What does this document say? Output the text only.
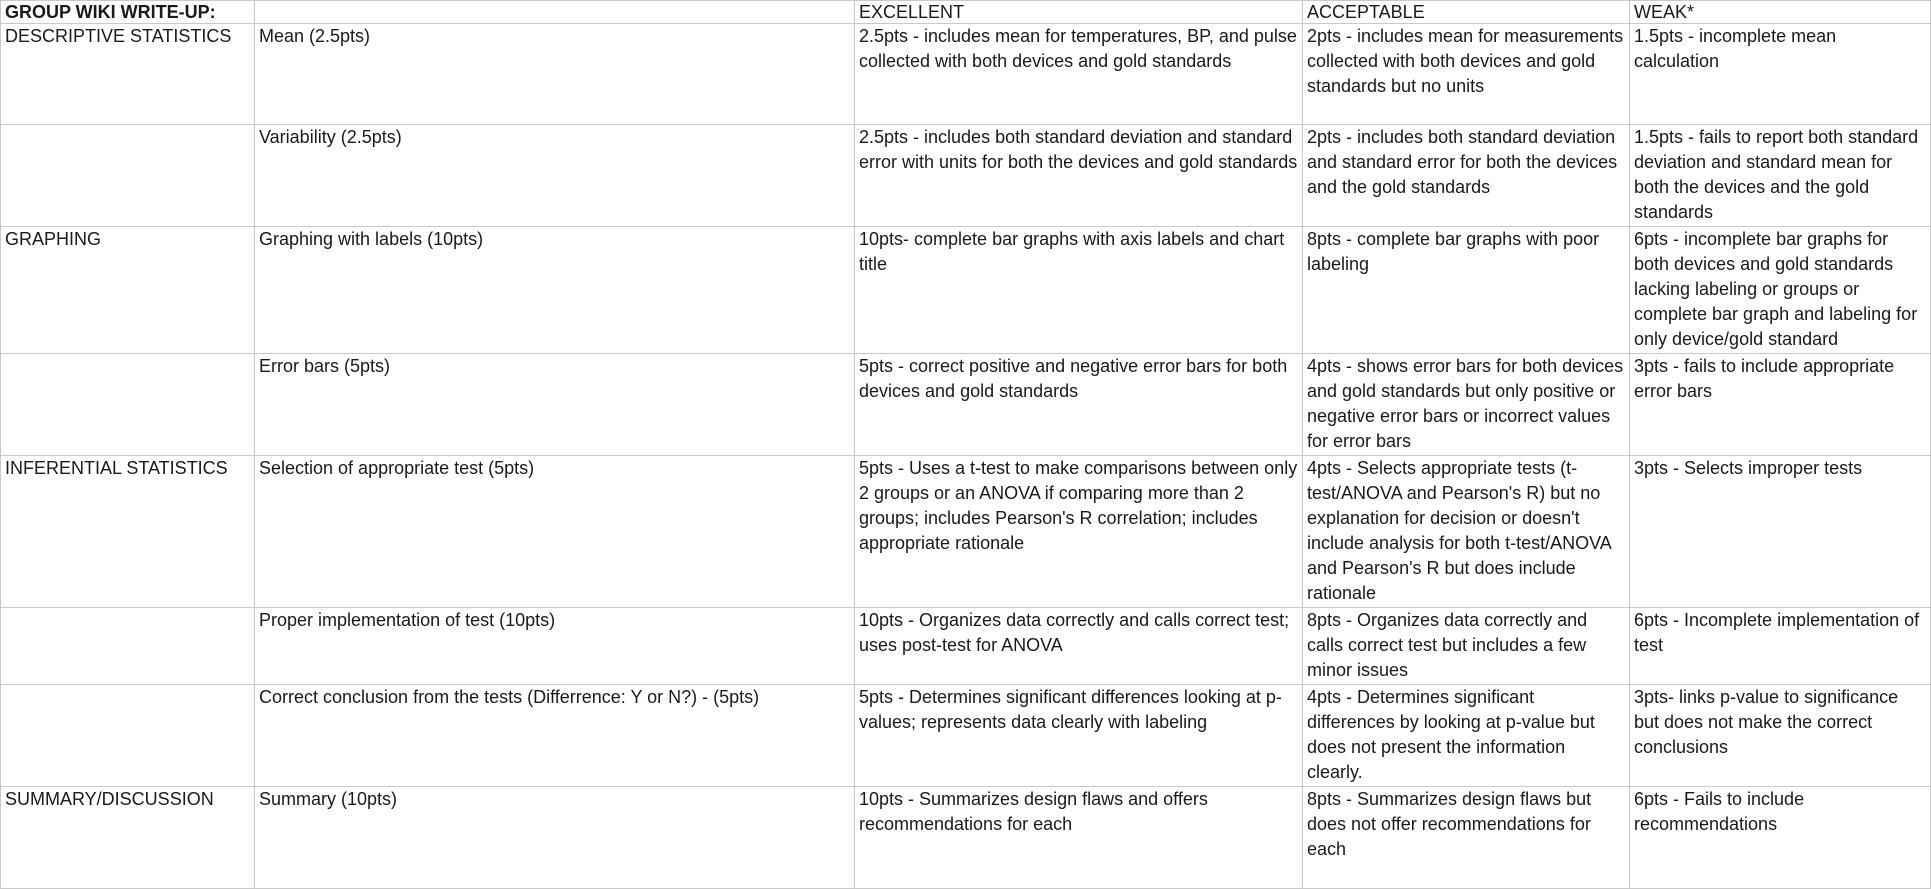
GROUP WIKI WRITE-UP:		EXCELLENT	ACCEPTABLE	WEAK*
DESCRIPTIVE STATISTICS	Mean (2.5pts)	2.5pts - includes mean for temperatures, BP, and pulse collected with both devices and gold standards	2pts - includes mean for measurements collected with both devices and gold standards but no units	1.5pts - incomplete mean calculation
	Variability (2.5pts)	2.5pts - includes both standard deviation and standard error with units for both the devices and gold standards	2pts - includes both standard deviation and standard error for both the devices and the gold standards	1.5pts - fails to report both standard deviation and standard mean for both the devices and the gold standards
GRAPHING	Graphing with labels (10pts)	10pts- complete bar graphs with axis labels and chart title	8pts - complete bar graphs with poor labeling	6pts - incomplete bar graphs for both devices and gold standards lacking labeling or groups or complete bar graph and labeling for only device/gold standard
	Error bars (5pts)	5pts - correct positive and negative error bars for both devices and gold standards	4pts - shows error bars for both devices and gold standards but only positive or negative error bars or incorrect values for error bars	3pts - fails to include appropriate error bars
INFERENTIAL STATISTICS	Selection of appropriate test (5pts)	5pts - Uses a t-test to make comparisons between only 2 groups or an ANOVA if comparing more than 2 groups; includes Pearson's R correlation; includes appropriate rationale	4pts - Selects appropriate tests (t-test/ANOVA and Pearson's R) but no explanation for decision or doesn't include analysis for both t-test/ANOVA and Pearson's R but does include rationale	3pts - Selects improper tests
	Proper implementation of test (10pts)	10pts - Organizes data correctly and calls correct test; uses post-test for ANOVA	8pts - Organizes data correctly and calls correct test but includes a few minor issues	6pts - Incomplete implementation of test
	Correct conclusion from the tests (Differrence: Y or N?) - (5pts)	5pts - Determines significant differences looking at p-values; represents data clearly with labeling	4pts - Determines significant differences by looking at p-value but does not present the information clearly.	3pts- links p-value to significance but does not make the correct conclusions
SUMMARY/DISCUSSION	Summary (10pts)	10pts - Summarizes design flaws and offers recommendations for each	8pts - Summarizes design flaws but does not offer recommendations for each	6pts - Fails to include recommendations
